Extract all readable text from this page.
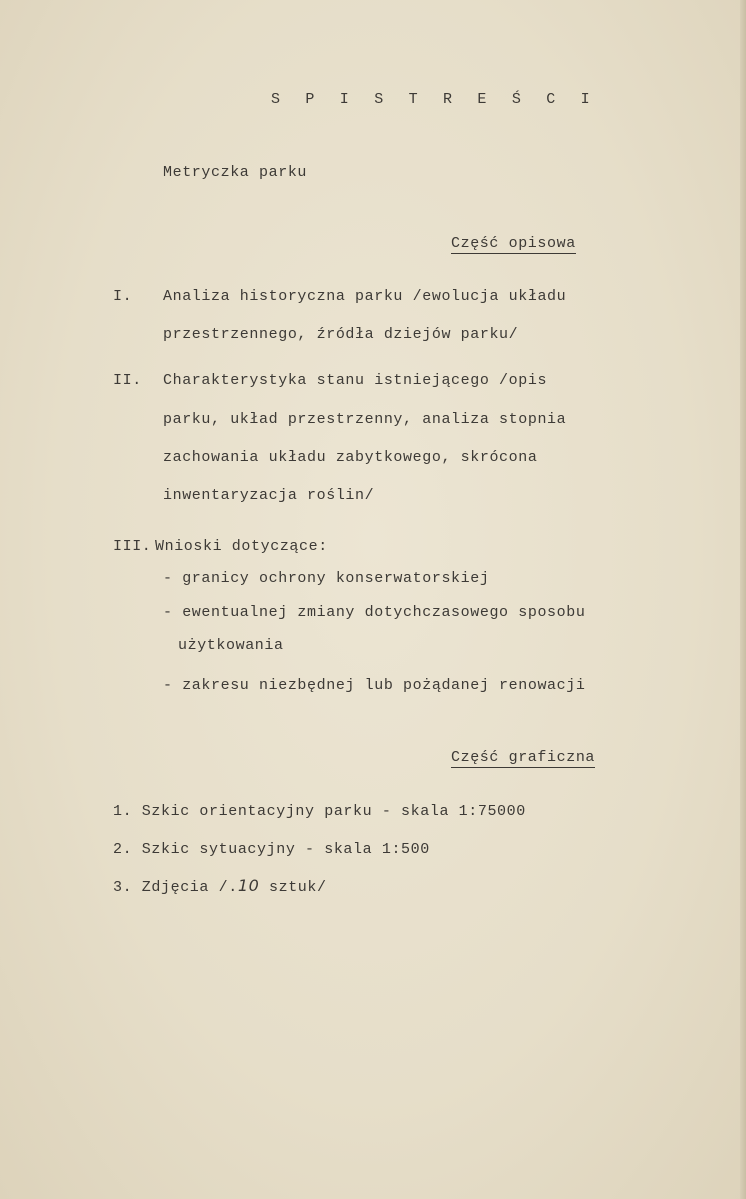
S P I S T R E Ś C I
Metryczka parku
Część opisowa
I. Analiza historyczna parku /ewolucja układu
przestrzennego, źródła dziejów parku/
II. Charakterystyka stanu istniejącego /opis
parku, układ przestrzenny, analiza stopnia
zachowania układu zabytkowego, skrócona
inwentaryzacja roślin/
III. Wnioski dotyczące:
- granicy ochrony konserwatorskiej
- ewentualnej zmiany dotychczasowego sposobu
użytkowania
- zakresu niezbędnej lub pożądanej renowacji
Część graficzna
1. Szkic orientacyjny parku - skala 1:75000
2. Szkic sytuacyjny - skala 1:500
3. Zdjęcia /.10 sztuk/
